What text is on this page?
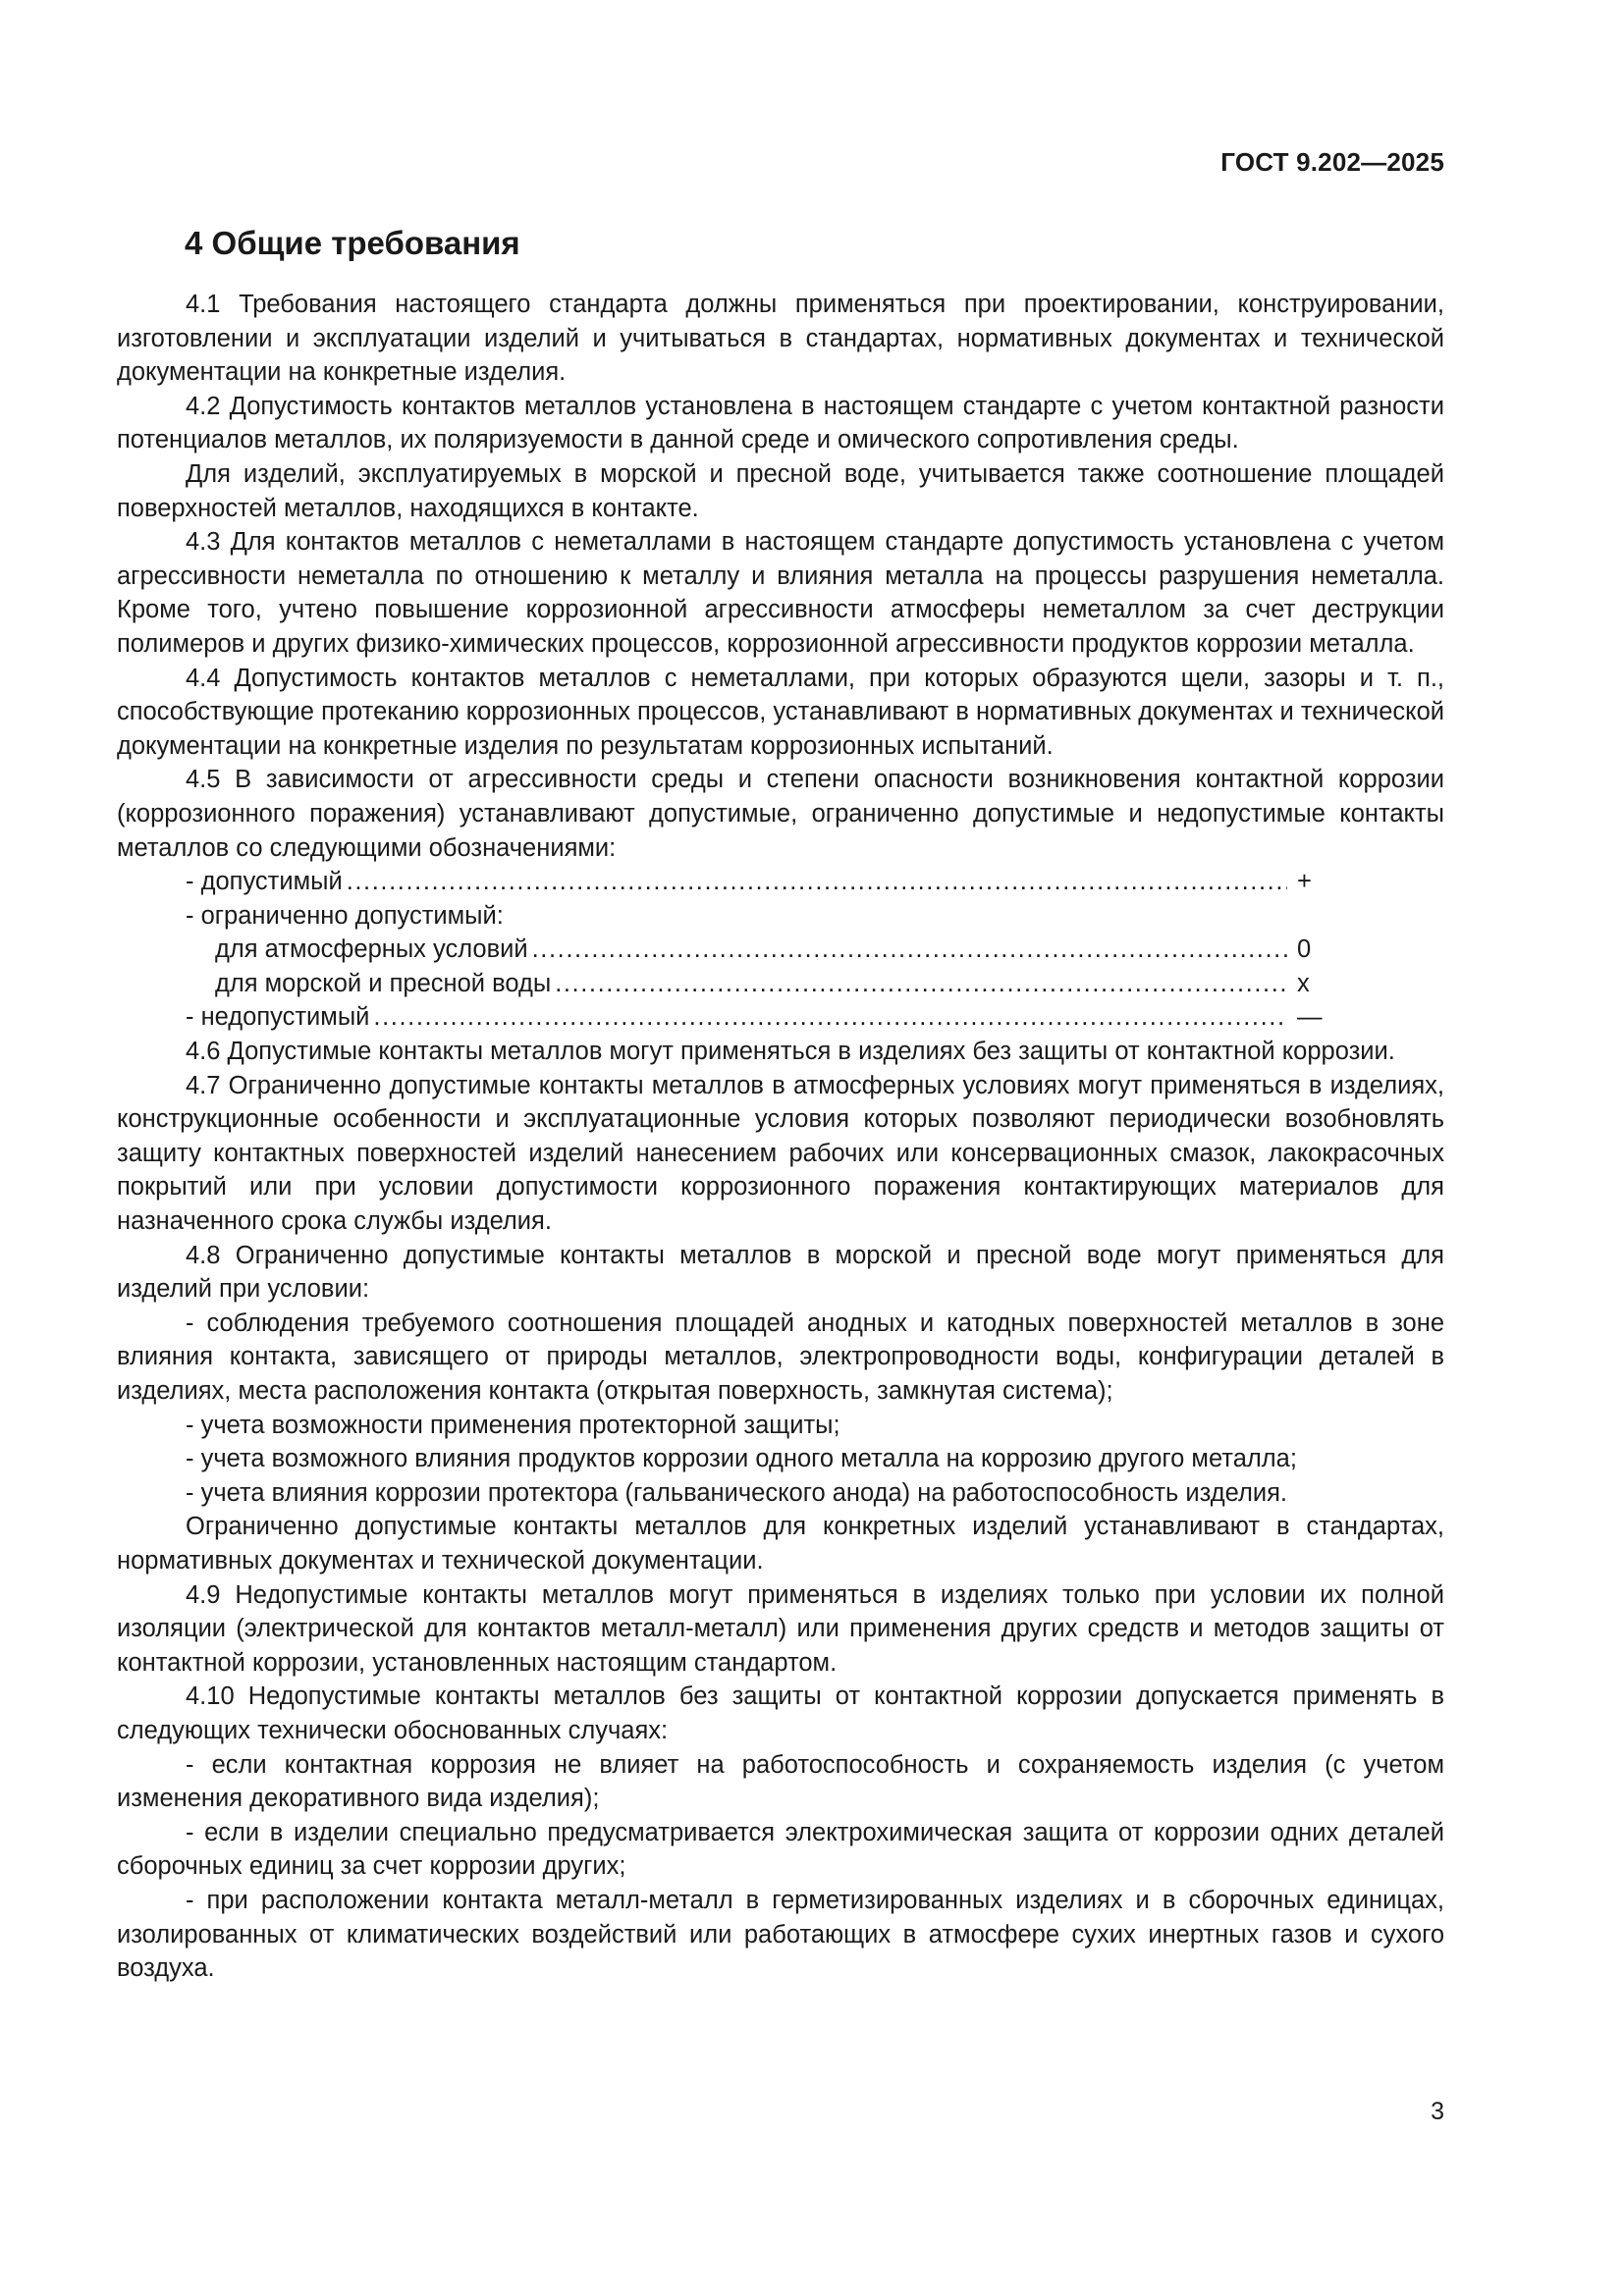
ГОСТ 9.202—2025
4 Общие требования

4.1 Требования настоящего стандарта должны применяться при проектировании, конструировании, изготовлении и эксплуатации изделий и учитываться в стандартах, нормативных документах и технической документации на конкретные изделия.

4.2 Допустимость контактов металлов установлена в настоящем стандарте с учетом контактной разности потенциалов металлов, их поляризуемости в данной среде и омического сопротивления среды.

Для изделий, эксплуатируемых в морской и пресной воде, учитывается также соотношение площадей поверхностей металлов, находящихся в контакте.

4.3 Для контактов металлов с неметаллами в настоящем стандарте допустимость установлена с учетом агрессивности неметалла по отношению к металлу и влияния металла на процессы разрушения неметалла. Кроме того, учтено повышение коррозионной агрессивности атмосферы неметаллом за счет деструкции полимеров и других физико-химических процессов, коррозионной агрессивности продуктов коррозии металла.

4.4 Допустимость контактов металлов с неметаллами, при которых образуются щели, зазоры и т. п., способствующие протеканию коррозионных процессов, устанавливают в нормативных документах и технической документации на конкретные изделия по результатам коррозионных испытаний.

4.5 В зависимости от агрессивности среды и степени опасности возникновения контактной коррозии (коррозионного поражения) устанавливают допустимые, ограниченно допустимые и недопустимые контакты металлов со следующими обозначениями:

- допустимый .....	+
- ограниченно допустимый:
для атмосферных условий .....	0
для морской и пресной воды .....	x
- недопустимый .....	—

4.6 Допустимые контакты металлов могут применяться в изделиях без защиты от контактной коррозии.

4.7 Ограниченно допустимые контакты металлов в атмосферных условиях могут применяться в изделиях, конструкционные особенности и эксплуатационные условия которых позволяют периодически возобновлять защиту контактных поверхностей изделий нанесением рабочих или консервационных смазок, лакокрасочных покрытий или при условии допустимости коррозионного поражения контактирующих материалов для назначенного срока службы изделия.

4.8 Ограниченно допустимые контакты металлов в морской и пресной воде могут применяться для изделий при условии:

- соблюдения требуемого соотношения площадей анодных и катодных поверхностей металлов в зоне влияния контакта, зависящего от природы металлов, электропроводности воды, конфигурации деталей в изделиях, места расположения контакта (открытая поверхность, замкнутая система);

- учета возможности применения протекторной защиты;

- учета возможного влияния продуктов коррозии одного металла на коррозию другого металла;

- учета влияния коррозии протектора (гальванического анода) на работоспособность изделия.

Ограниченно допустимые контакты металлов для конкретных изделий устанавливают в стандартах, нормативных документах и технической документации.

4.9 Недопустимые контакты металлов могут применяться в изделиях только при условии их полной изоляции (электрической для контактов металл-металл) или применения других средств и методов защиты от контактной коррозии, установленных настоящим стандартом.

4.10 Недопустимые контакты металлов без защиты от контактной коррозии допускается применять в следующих технически обоснованных случаях:

- если контактная коррозия не влияет на работоспособность и сохраняемость изделия (с учетом изменения декоративного вида изделия);

- если в изделии специально предусматривается электрохимическая защита от коррозии одних деталей сборочных единиц за счет коррозии других;

- при расположении контакта металл-металл в герметизированных изделиях и в сборочных единицах, изолированных от климатических воздействий или работающих в атмосфере сухих инертных газов и сухого воздуха.

3
